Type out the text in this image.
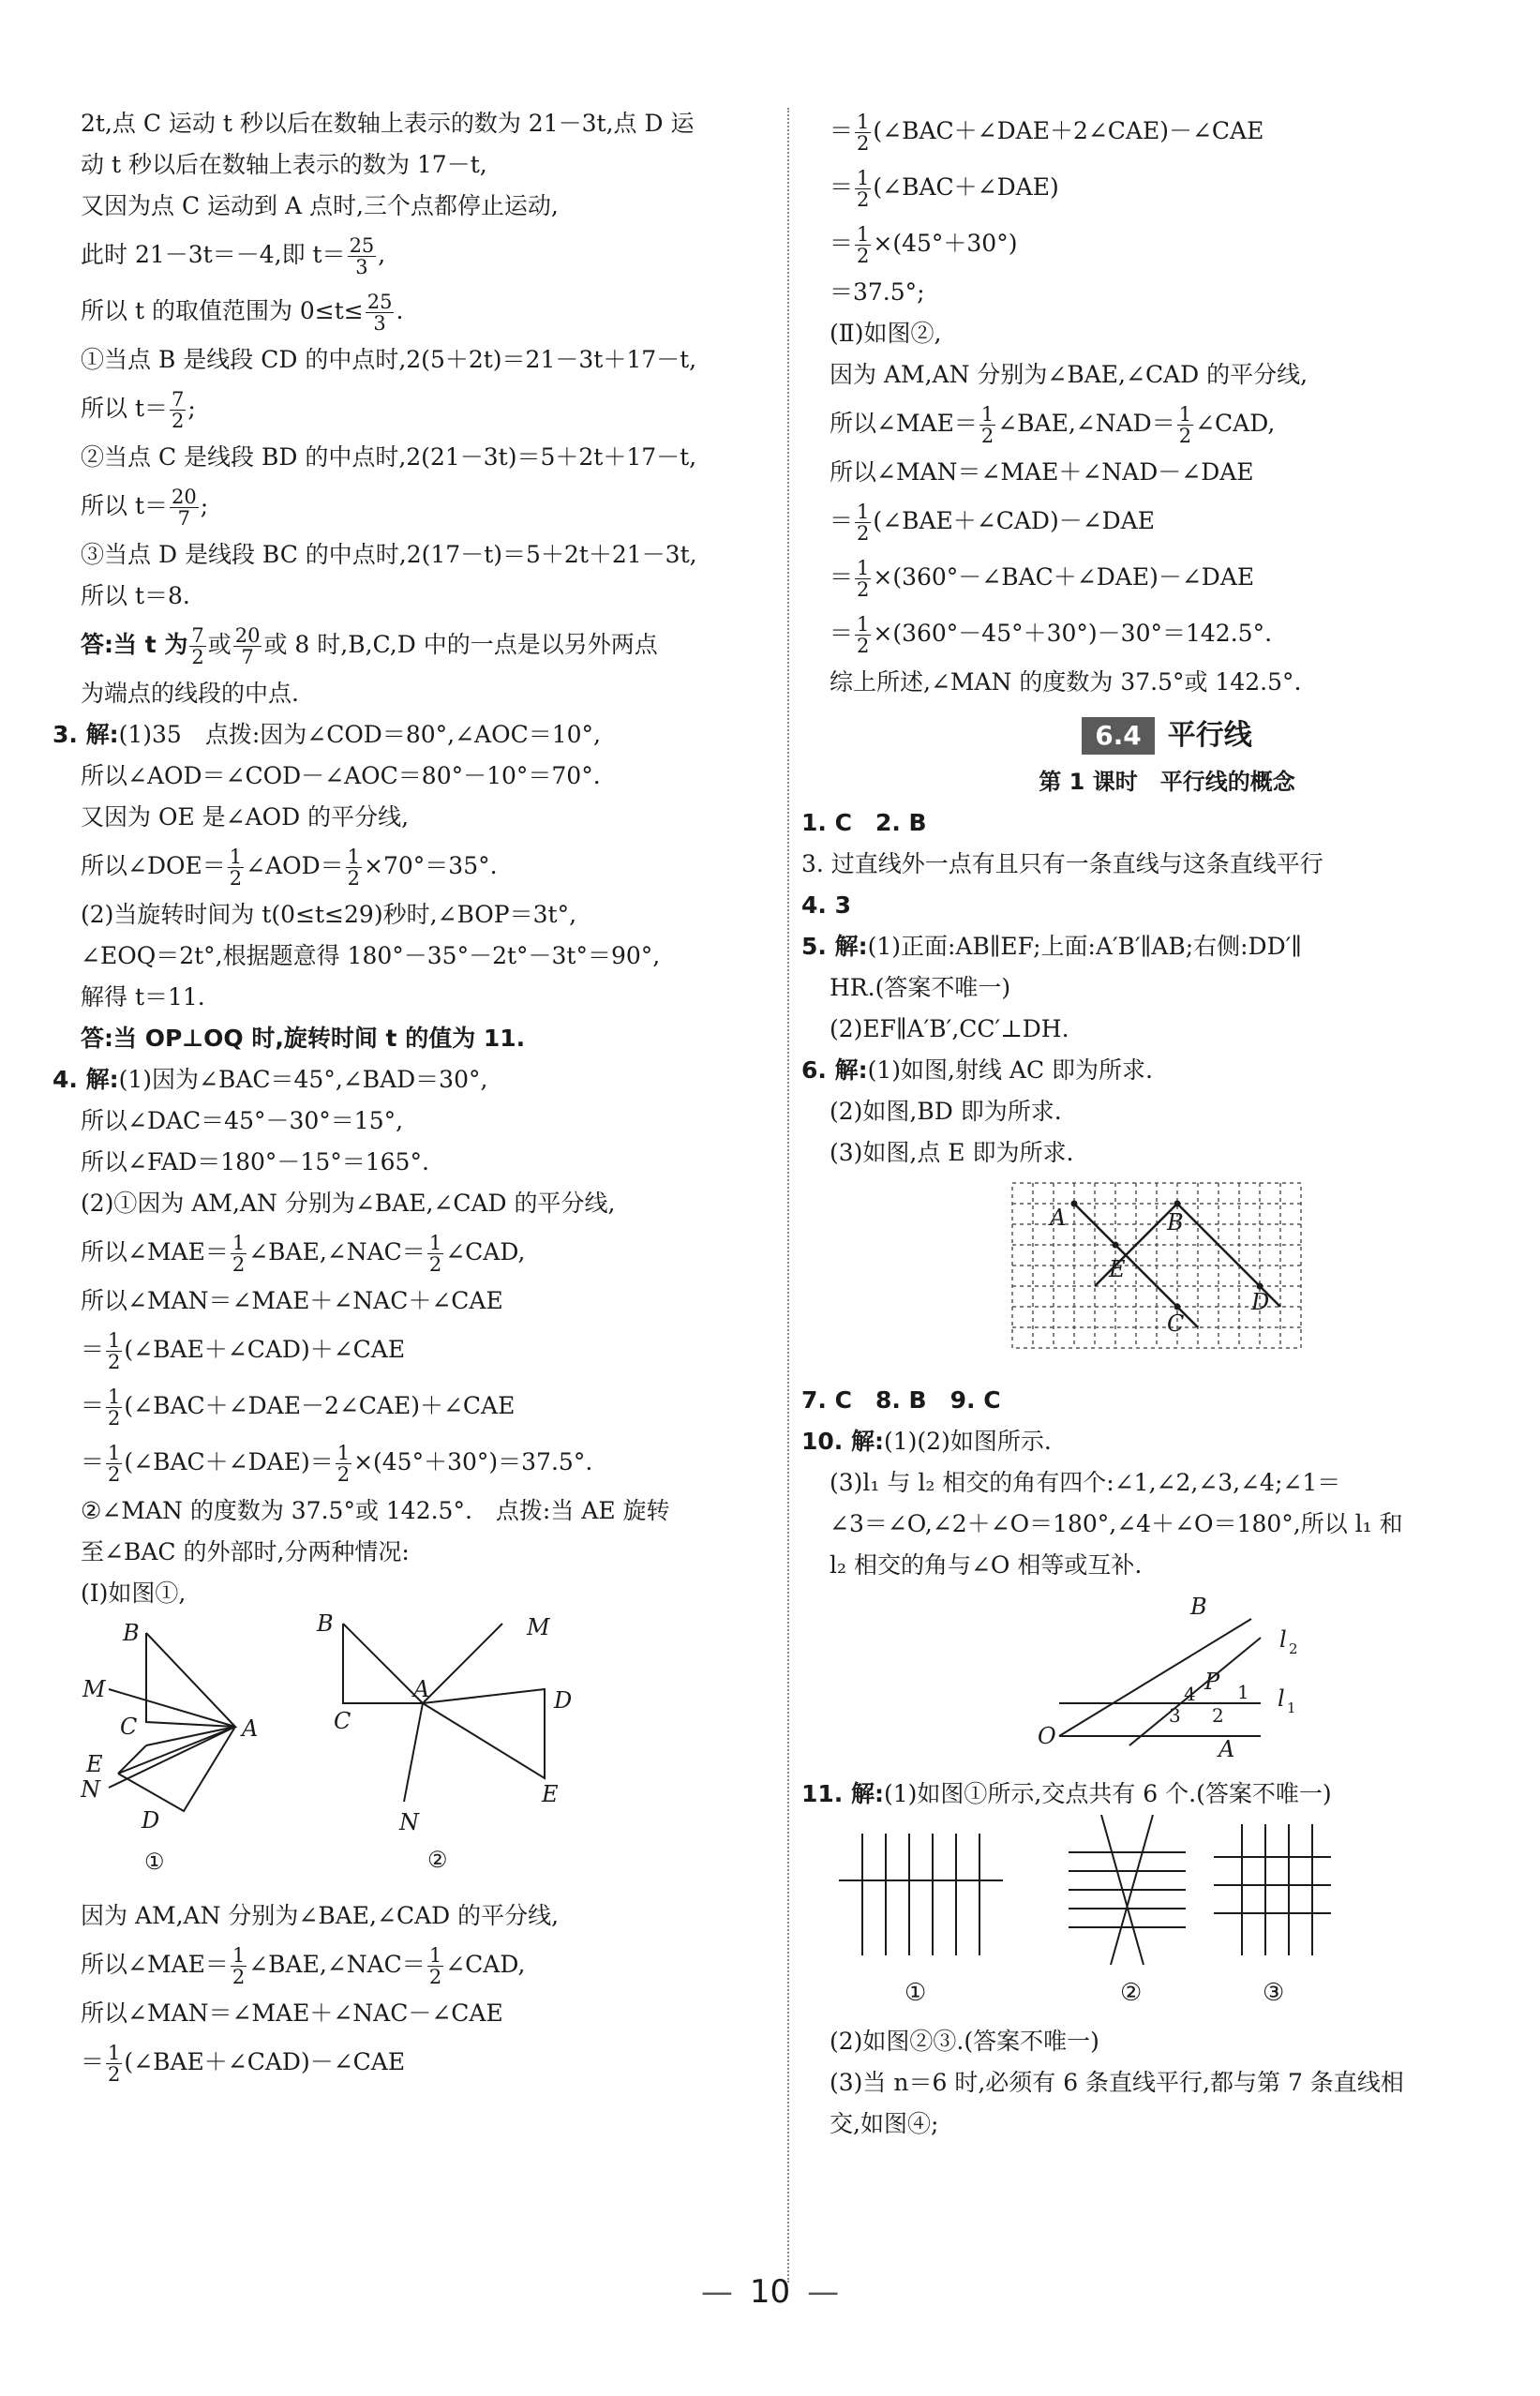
2t,点 C 运动 t 秒以后在数轴上表示的数为 21－3t,点 D 运
动 t 秒以后在数轴上表示的数为 17－t,
又因为点 C 运动到 A 点时,三个点都停止运动,
此时 21－3t＝－4,即 $t= \frac{25}{3}$ ,
所以 t 的取值范围为 $0\le t\le \frac{25}{3}$ .
①当点 B 是线段 CD 的中点时,2(5＋2t)＝21－3t＋17－t,
所以 $t= \frac{7}{2}$ ;
②当点 C 是线段 BD 的中点时,2(21－3t)＝5＋2t＋17－t,
所以 $t= \frac{20}{7}$ ;
③当点 D 是线段 BC 的中点时,2(17－t)＝5＋2t＋21－3t,
所以 t＝8.
答:当 t 为 $\frac{7}{2}$ 或 $\frac{20}{7}$ 或 8 时,B,C,D 中的一点是以另外两点
为端点的线段的中点.
3. 解:(1)35　点拨:因为∠COD＝80°,∠AOC＝10°,
所以∠AOD＝∠COD－∠AOC＝80°－10°＝70°.
又因为 OE 是∠AOD 的平分线,
所以∠DOE＝ $\frac{1}{2}$ ∠AOD＝ $\frac{1}{2} \times 70^\circ=35^\circ$.
(2)当旋转时间为 t(0≤t≤29)秒时,∠BOP＝3t°,
∠EOQ＝2t°,根据题意得 180°－35°－2t°－3t°＝90°,
解得 t＝11.
答:当 OP⊥OQ 时,旋转时间 t 的值为 11.
4. 解:(1)因为∠BAC＝45°,∠BAD＝30°,
所以∠DAC＝45°－30°＝15°,
所以∠FAD＝180°－15°＝165°.
(2)①因为 AM,AN 分别为∠BAE,∠CAD 的平分线,
所以∠MAE＝ $\frac{1}{2}$ ∠BAE,∠NAC＝ $\frac{1}{2}$ ∠CAD,
所以∠MAN＝∠MAE＋∠NAC＋∠CAE
＝ $\frac{1}{2}$ (∠BAE＋∠CAD)＋∠CAE
＝ $\frac{1}{2}$ (∠BAC＋∠DAE－2∠CAE)＋∠CAE
＝ $\frac{1}{2}$ (∠BAC＋∠DAE)＝ $\frac{1}{2} \times(45^\circ+30^\circ)=37.5^\circ$.
②∠MAN 的度数为 37.5°或 142.5°.　点拨:当 AE 旋转
至∠BAC 的外部时,分两种情况:
(Ⅰ)如图①,
B
M
C	A
E
N
D
①
B	M
A
C
D
N
E
②
因为 AM,AN 分别为∠BAE,∠CAD 的平分线,
所以∠MAE＝ $\frac{1}{2}$ ∠BAE,∠NAC＝ $\frac{1}{2}$ ∠CAD,
所以∠MAN＝∠MAE＋∠NAC－∠CAE
＝ $\frac{1}{2}$ (∠BAE＋∠CAD)－∠CAE
＝ $\frac{1}{2}$ (∠BAC＋∠DAE＋2∠CAE)－∠CAE
＝ $\frac{1}{2}$ (∠BAC＋∠DAE)
＝ $\frac{1}{2} \times(45^\circ+30^\circ)$
＝37.5°;
(Ⅱ)如图②,
因为 AM,AN 分别为∠BAE,∠CAD 的平分线,
所以∠MAE＝ $\frac{1}{2}$ ∠BAE,∠NAD＝ $\frac{1}{2}$ ∠CAD,
所以∠MAN＝∠MAE＋∠NAD－∠DAE
＝ $\frac{1}{2}$ (∠BAE＋∠CAD)－∠DAE
＝ $\frac{1}{2}$ ×(360°－∠BAC＋∠DAE)－∠DAE
＝ $\frac{1}{2} \times(360^\circ-45^\circ+30^\circ)-30^\circ=142.5^\circ$.
综上所述,∠MAN 的度数为 37.5°或 142.5°.
6.4 平行线
第 1 课时　平行线的概念
1. C　2. B
3. 过直线外一点有且只有一条直线与这条直线平行
4. 3
5. 解:(1)正面:AB∥EF;上面:A′B′∥AB;右侧:DD′∥
HR.(答案不唯一)
(2)EF∥A′B′,CC′⊥DH.
6. 解:(1)如图,射线 AC 即为所求.
(2)如图,BD 即为所求.
(3)如图,点 E 即为所求.
A	B
E
D
C
7. C　8. B　9. C
10. 解:(1)(2)如图所示.
(3)l₁ 与 l₂ 相交的角有四个:∠1,∠2,∠3,∠4;∠1＝
∠3＝∠O,∠2＋∠O＝180°,∠4＋∠O＝180°,所以 l₁ 和
l₂ 相交的角与∠O 相等或互补.
B
P
4 1
3 2
O	A
l 2
l 1
11. 解:(1)如图①所示,交点共有 6 个.(答案不唯一)
①	②	③
(2)如图②③.(答案不唯一)
(3)当 n＝6 时,必须有 6 条直线平行,都与第 7 条直线相
交,如图④;
— 10 —
